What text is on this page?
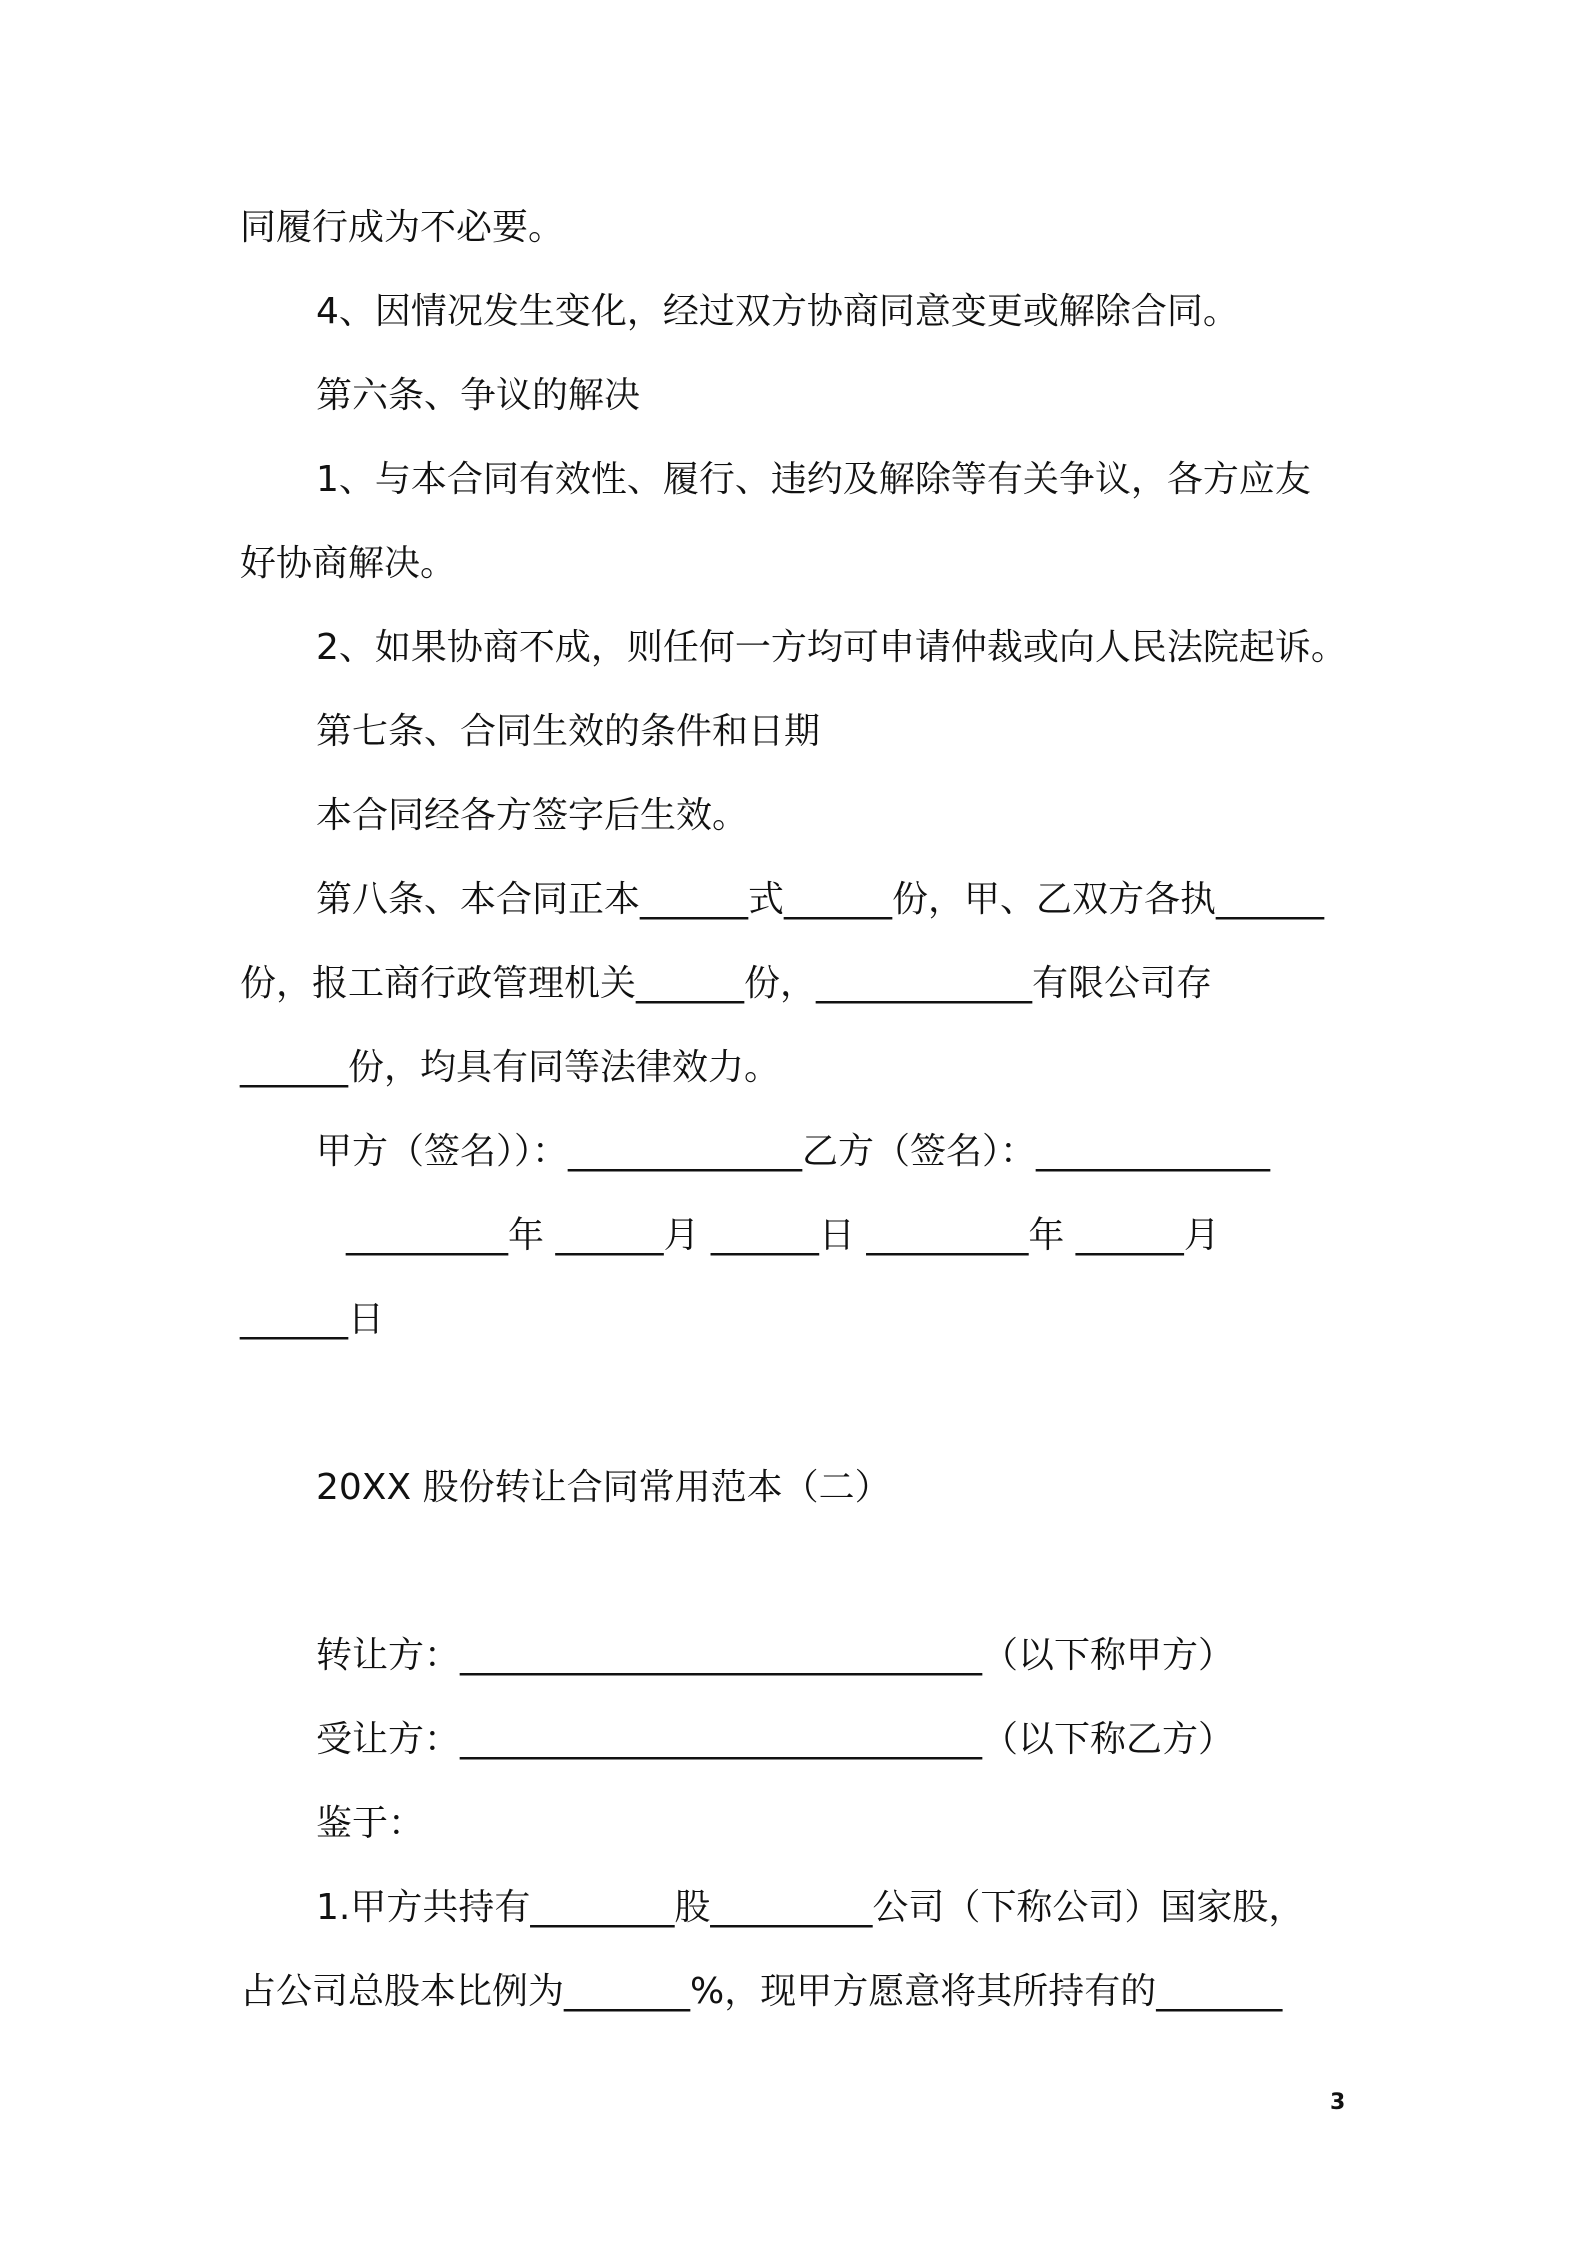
同履行成为不必要。
4、因情况发生变化，经过双方协商同意变更或解除合同。
第六条、争议的解决
1、与本合同有效性、履行、违约及解除等有关争议，各方应友
好协商解决。
2、如果协商不成，则任何一方均可申请仲裁或向人民法院起诉。
第七条、合同生效的条件和日期
本合同经各方签字后生效。
第八条、本合同正本______式______份，甲、乙双方各执______
份，报工商行政管理机关______份，____________有限公司存
______份，均具有同等法律效力。
甲方（签名））：_____________乙方（签名）：_____________
_________年 ______月 ______日 _________年 ______月
______日
20XX 股份转让合同常用范本（二）
转让方：_____________________________（以下称甲方）
受让方：_____________________________（以下称乙方）
鉴于：
1.甲方共持有________股_________公司（下称公司）国家股，
占公司总股本比例为_______%，现甲方愿意将其所持有的_______
3
